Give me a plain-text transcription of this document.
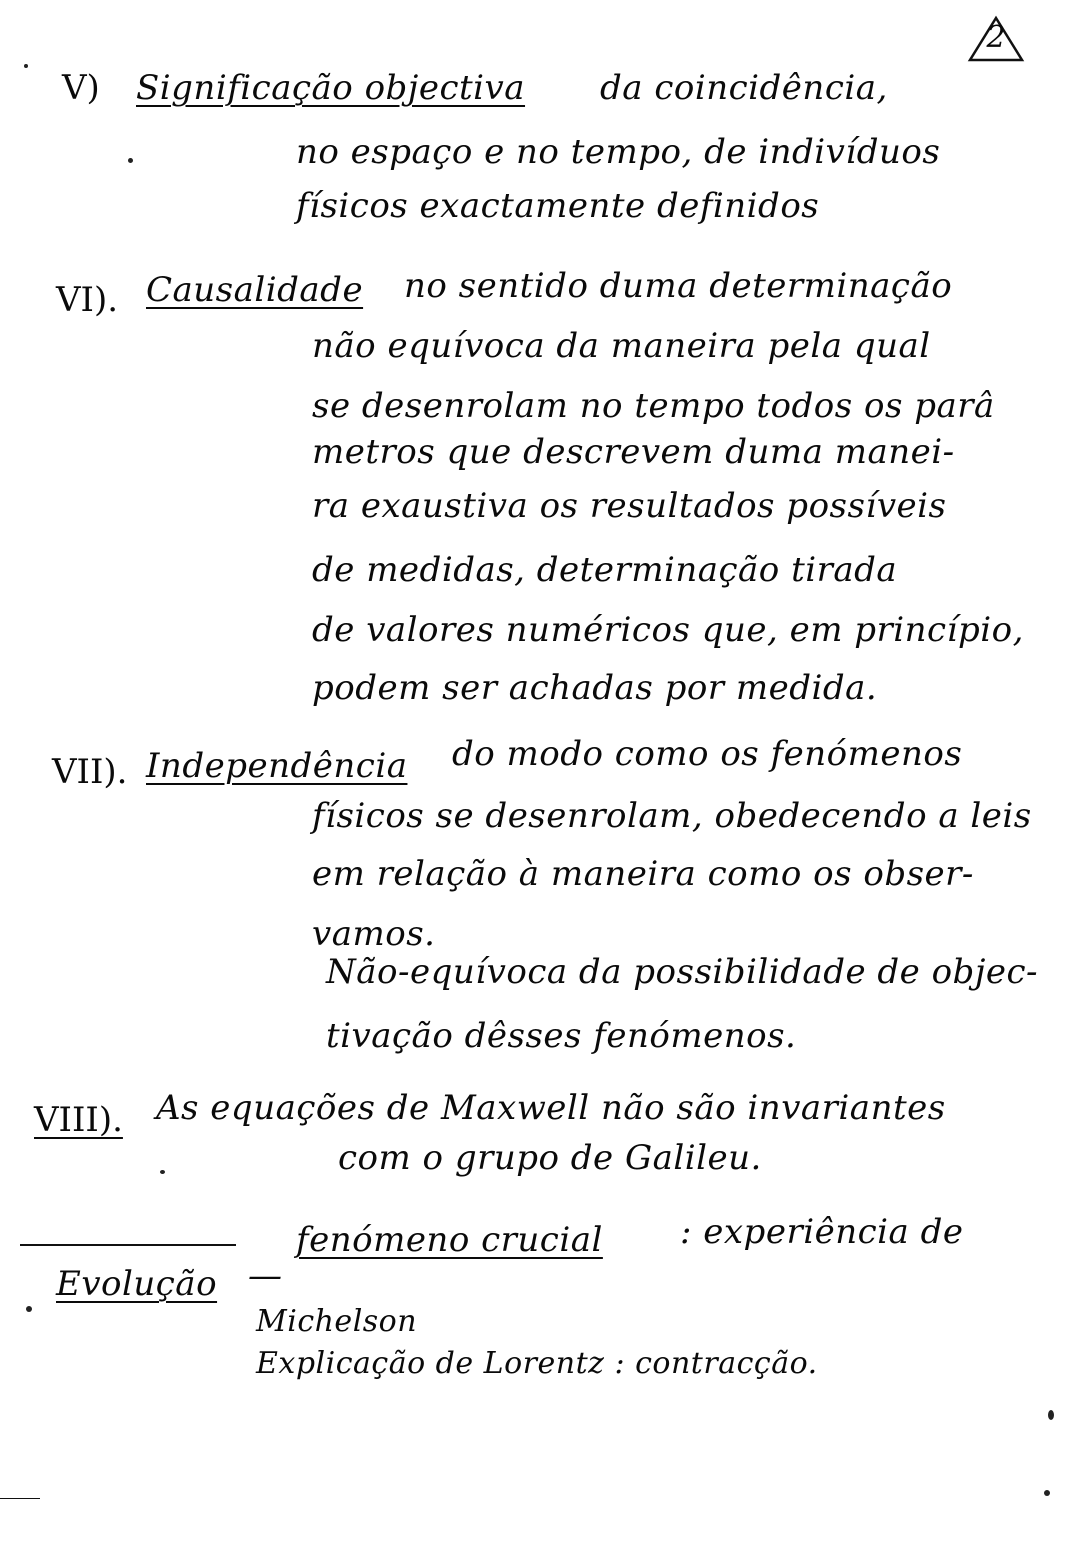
2
V) Significação objectiva da coincidência,
no espaço e no tempo, de indivíduos
físicos exactamente definidos
VI). Causalidade no sentido duma determinação
não equívoca da maneira pela qual
se desenrolam no tempo todos os parâ
metros que descrevem duma manei-
ra exaustiva os resultados possíveis
de medidas, determinação tirada
de valores numéricos que, em princípio,
podem ser achadas por medida.
VII). Independência do modo como os fenómenos
físicos se desenrolam, obedecendo a leis
em relação à maneira como os obser-
vamos.
Não-equívoca da possibilidade de objec-
tivação dêsses fenómenos.
VIII). As equações de Maxwell não são invariantes
com o grupo de Galileu.
Evolução —
fenómeno crucial : experiência de
Michelson
Explicação de Lorentz : contracção.
